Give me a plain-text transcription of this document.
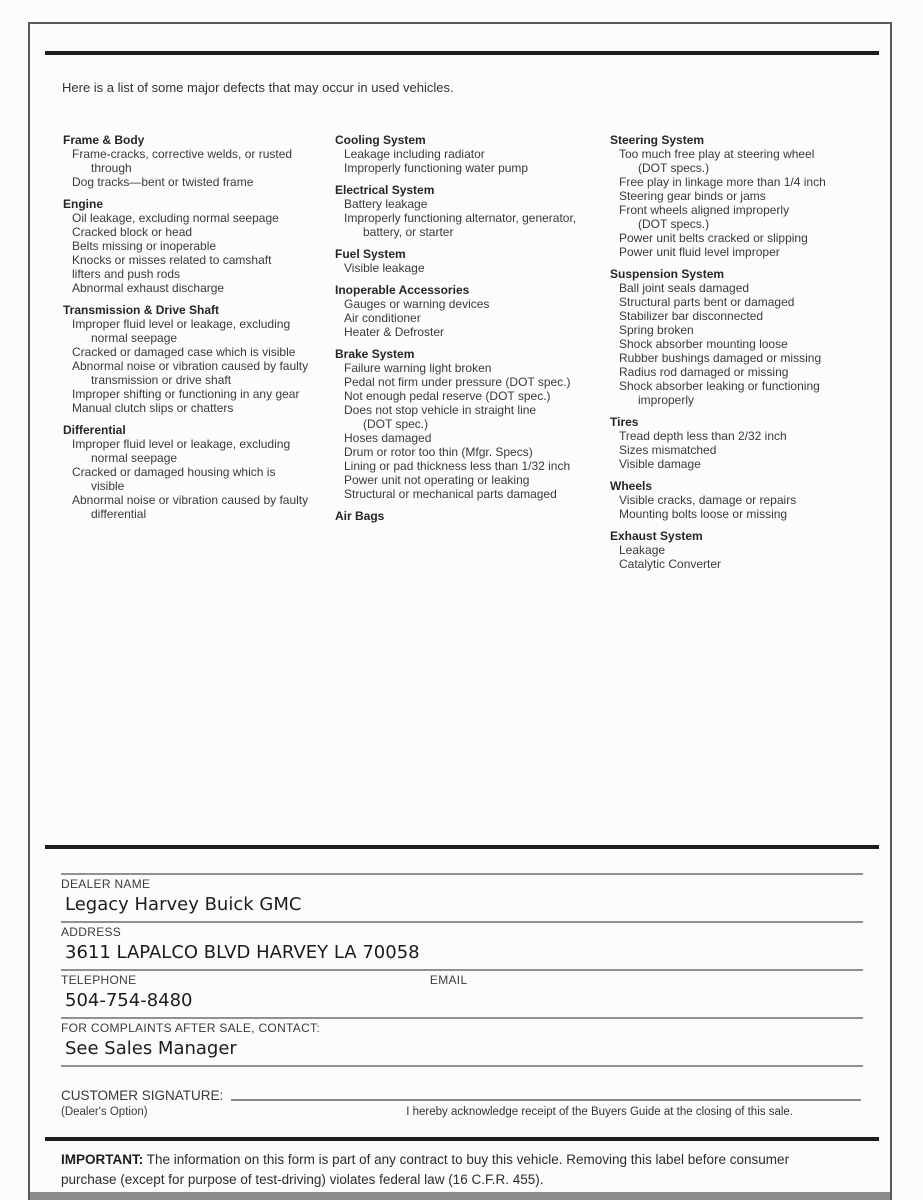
Here is a list of some major defects that may occur in used vehicles.

Frame & Body
Frame-cracks, corrective welds, or rusted
through
Dog tracks—bent or twisted frame
Engine
Oil leakage, excluding normal seepage
Cracked block or head
Belts missing or inoperable
Knocks or misses related to camshaft
lifters and push rods
Abnormal exhaust discharge
Transmission & Drive Shaft
Improper fluid level or leakage, excluding
normal seepage
Cracked or damaged case which is visible
Abnormal noise or vibration caused by faulty
transmission or drive shaft
Improper shifting or functioning in any gear
Manual clutch slips or chatters
Differential
Improper fluid level or leakage, excluding
normal seepage
Cracked or damaged housing which is
visible
Abnormal noise or vibration caused by faulty
differential
Cooling System
Leakage including radiator
Improperly functioning water pump
Electrical System
Battery leakage
Improperly functioning alternator, generator,
battery, or starter
Fuel System
Visible leakage
Inoperable Accessories
Gauges or warning devices
Air conditioner
Heater & Defroster
Brake System
Failure warning light broken
Pedal not firm under pressure (DOT spec.)
Not enough pedal reserve (DOT spec.)
Does not stop vehicle in straight line
(DOT spec.)
Hoses damaged
Drum or rotor too thin (Mfgr. Specs)
Lining or pad thickness less than 1/32 inch
Power unit not operating or leaking
Structural or mechanical parts damaged
Air Bags
Steering System
Too much free play at steering wheel
(DOT specs.)
Free play in linkage more than 1/4 inch
Steering gear binds or jams
Front wheels aligned improperly
(DOT specs.)
Power unit belts cracked or slipping
Power unit fluid level improper
Suspension System
Ball joint seals damaged
Structural parts bent or damaged
Stabilizer bar disconnected
Spring broken
Shock absorber mounting loose
Rubber bushings damaged or missing
Radius rod damaged or missing
Shock absorber leaking or functioning
improperly
Tires
Tread depth less than 2/32 inch
Sizes mismatched
Visible damage
Wheels
Visible cracks, damage or repairs
Mounting bolts loose or missing
Exhaust System
Leakage
Catalytic Converter
DEALER NAME
Legacy Harvey Buick GMC
ADDRESS
3611 LAPALCO BLVD HARVEY LA 70058
TELEPHONE
504-754-8480
EMAIL
FOR COMPLAINTS AFTER SALE, CONTACT:
See Sales Manager
CUSTOMER SIGNATURE:
(Dealer's Option)	I hereby acknowledge receipt of the Buyers Guide at the closing of this sale.

IMPORTANT: The information on this form is part of any contract to buy this vehicle. Removing this label before consumer purchase (except for purpose of test-driving) violates federal law (16 C.F.R. 455).
